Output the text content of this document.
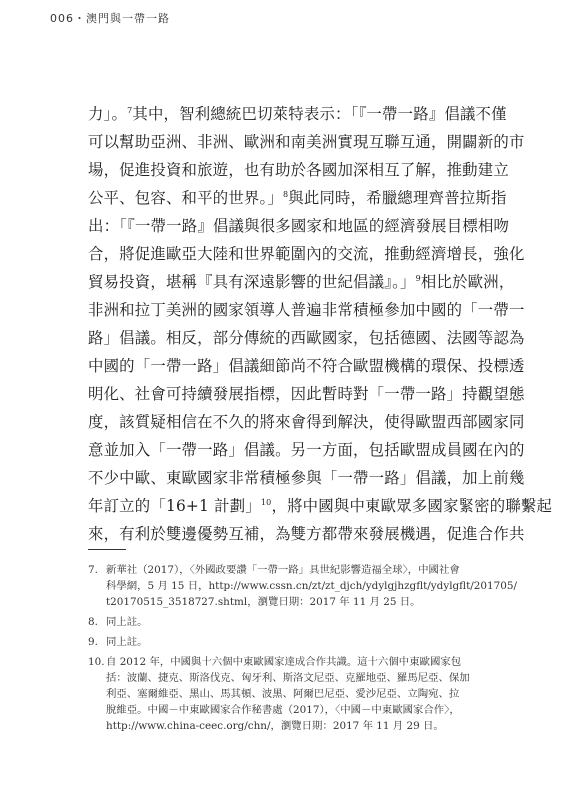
006・澳門與一帶一路
力」。$^7$其中，智利總統巴切萊特表示：「『一帶一路』倡議不僅
可以幫助亞洲、非洲、歐洲和南美洲實現互聯互通，開闢新的市
場，促進投資和旅遊，也有助於各國加深相互了解，推動建立
公平、包容、和平的世界。」$^8$與此同時，希臘總理齊普拉斯指
出：「『一帶一路』倡議與很多國家和地區的經濟發展目標相吻
合，將促進歐亞大陸和世界範圍內的交流，推動經濟增長，強化
貿易投資，堪稱『具有深遠影響的世紀倡議』。」$^9$相比於歐洲，
非洲和拉丁美洲的國家領導人普遍非常積極參加中國的「一帶一
路」倡議。相反，部分傳統的西歐國家，包括德國、法國等認為
中國的「一帶一路」倡議細節尚不符合歐盟機構的環保、投標透
明化、社會可持續發展指標，因此暫時對「一帶一路」持觀望態
度，該質疑相信在不久的將來會得到解決，使得歐盟西部國家同
意並加入「一帶一路」倡議。另一方面，包括歐盟成員國在內的
不少中歐、東歐國家非常積極參與「一帶一路」倡議，加上前幾
年訂立的「16+1 計劃」$^{10}$，將中國與中東歐眾多國家緊密的聯繫起
來，有利於雙邊優勢互補，為雙方都帶來發展機遇，促進合作共
7. 新華社（2017），〈外國政要讚「一帶一路」具世紀影響造福全球〉，中國社會
科學網，5 月 15 日，http://www.cssn.cn/zt/zt_djch/ydylgjhzgflt/ydylgflt/201705/
t20170515_3518727.shtml，瀏覽日期：2017 年 11 月 25 日。
8. 同上註。
9. 同上註。
10. 自 2012 年，中國與十六個中東歐國家達成合作共識。這十六個中東歐國家包
括：波蘭、捷克、斯洛伐克、匈牙利、斯洛文尼亞、克羅地亞、羅馬尼亞、保加
利亞、塞爾維亞、黑山、馬其頓、波黑、阿爾巴尼亞、愛沙尼亞、立陶宛、拉
脫維亞。中國－中東歐國家合作秘書處（2017），〈中國－中東歐國家合作〉，
http://www.china-ceec.org/chn/，瀏覽日期：2017 年 11 月 29 日。
